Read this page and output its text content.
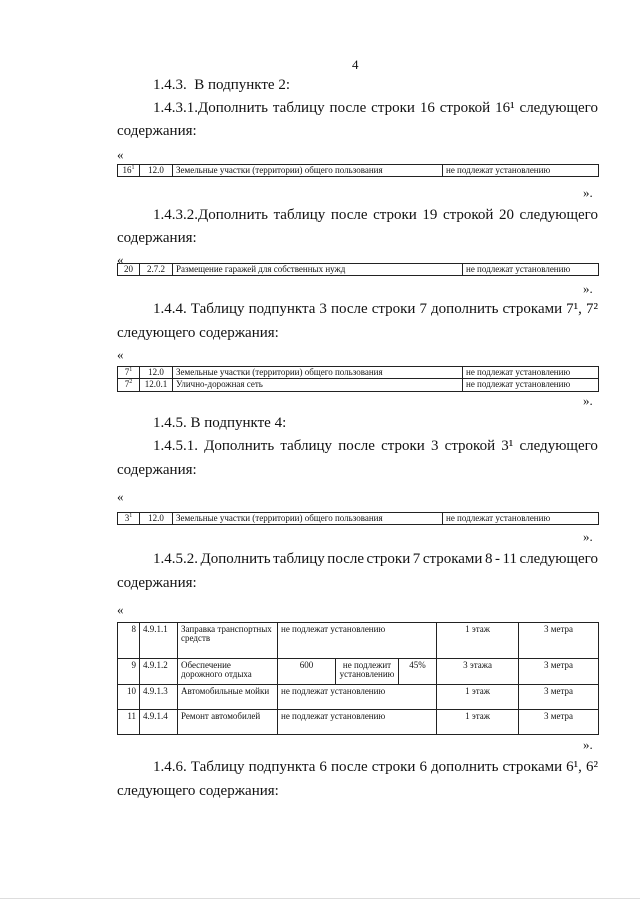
4
1.4.3.  В подпункте 2:
1.4.3.1.Дополнить таблицу после строки 16 строкой 16¹ следующего
содержания:
«
$16^1$	12.0	Земельные участки (территории) общего пользования	не подлежат установлению
».
1.4.3.2.Дополнить таблицу после строки 19 строкой 20 следующего
содержания:
«
20	2.7.2	Размещение гаражей для собственных нужд	не подлежат установлению
».
1.4.4. Таблицу подпункта 3 после строки 7 дополнить строками 7¹, 7²
следующего содержания:
«
$7^1$	12.0	Земельные участки (территории) общего пользования	не подлежат установлению
$7^2$	12.0.1	Улично-дорожная сеть	не подлежат установлению
».
1.4.5. В подпункте 4:
1.4.5.1. Дополнить таблицу после строки 3 строкой 3¹ следующего
содержания:
«
$3^1$	12.0	Земельные участки (территории) общего пользования	не подлежат установлению
».
1.4.5.2. Дополнить таблицу после строки 7 строками 8 - 11 следующего
содержания:
«
8	4.9.1.1	Заправка транспортных средств	не подлежат установлению			1 этаж	3 метра
9	4.9.1.2	Обеспечение дорожного отдыха	600	не подлежит установлению	45%	3 этажа	3 метра
10	4.9.1.3	Автомобильные мойки	не подлежат установлению			1 этаж	3 метра
11	4.9.1.4	Ремонт автомобилей	не подлежат установлению			1 этаж	3 метра
».
1.4.6. Таблицу подпункта 6 после строки 6 дополнить строками 6¹, 6²
следующего содержания:
